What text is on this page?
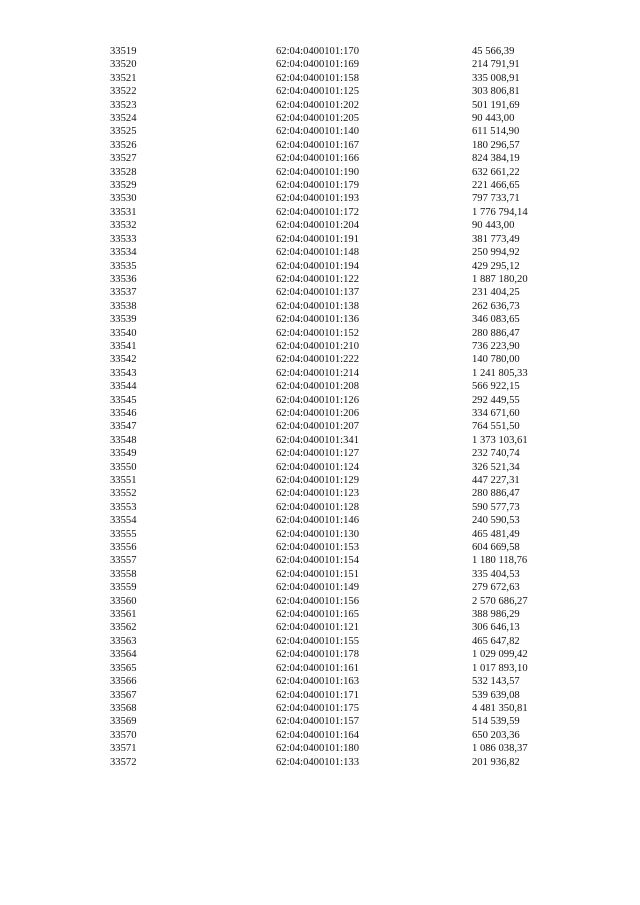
33519	62:04:0400101:170	45 566,39
33520	62:04:0400101:169	214 791,91
33521	62:04:0400101:158	335 008,91
33522	62:04:0400101:125	303 806,81
33523	62:04:0400101:202	501 191,69
33524	62:04:0400101:205	90 443,00
33525	62:04:0400101:140	611 514,90
33526	62:04:0400101:167	180 296,57
33527	62:04:0400101:166	824 384,19
33528	62:04:0400101:190	632 661,22
33529	62:04:0400101:179	221 466,65
33530	62:04:0400101:193	797 733,71
33531	62:04:0400101:172	1 776 794,14
33532	62:04:0400101:204	90 443,00
33533	62:04:0400101:191	381 773,49
33534	62:04:0400101:148	250 994,92
33535	62:04:0400101:194	429 295,12
33536	62:04:0400101:122	1 887 180,20
33537	62:04:0400101:137	231 404,25
33538	62:04:0400101:138	262 636,73
33539	62:04:0400101:136	346 083,65
33540	62:04:0400101:152	280 886,47
33541	62:04:0400101:210	736 223,90
33542	62:04:0400101:222	140 780,00
33543	62:04:0400101:214	1 241 805,33
33544	62:04:0400101:208	566 922,15
33545	62:04:0400101:126	292 449,55
33546	62:04:0400101:206	334 671,60
33547	62:04:0400101:207	764 551,50
33548	62:04:0400101:341	1 373 103,61
33549	62:04:0400101:127	232 740,74
33550	62:04:0400101:124	326 521,34
33551	62:04:0400101:129	447 227,31
33552	62:04:0400101:123	280 886,47
33553	62:04:0400101:128	590 577,73
33554	62:04:0400101:146	240 590,53
33555	62:04:0400101:130	465 481,49
33556	62:04:0400101:153	604 669,58
33557	62:04:0400101:154	1 180 118,76
33558	62:04:0400101:151	335 404,53
33559	62:04:0400101:149	279 672,63
33560	62:04:0400101:156	2 570 686,27
33561	62:04:0400101:165	388 986,29
33562	62:04:0400101:121	306 646,13
33563	62:04:0400101:155	465 647,82
33564	62:04:0400101:178	1 029 099,42
33565	62:04:0400101:161	1 017 893,10
33566	62:04:0400101:163	532 143,57
33567	62:04:0400101:171	539 639,08
33568	62:04:0400101:175	4 481 350,81
33569	62:04:0400101:157	514 539,59
33570	62:04:0400101:164	650 203,36
33571	62:04:0400101:180	1 086 038,37
33572	62:04:0400101:133	201 936,82
